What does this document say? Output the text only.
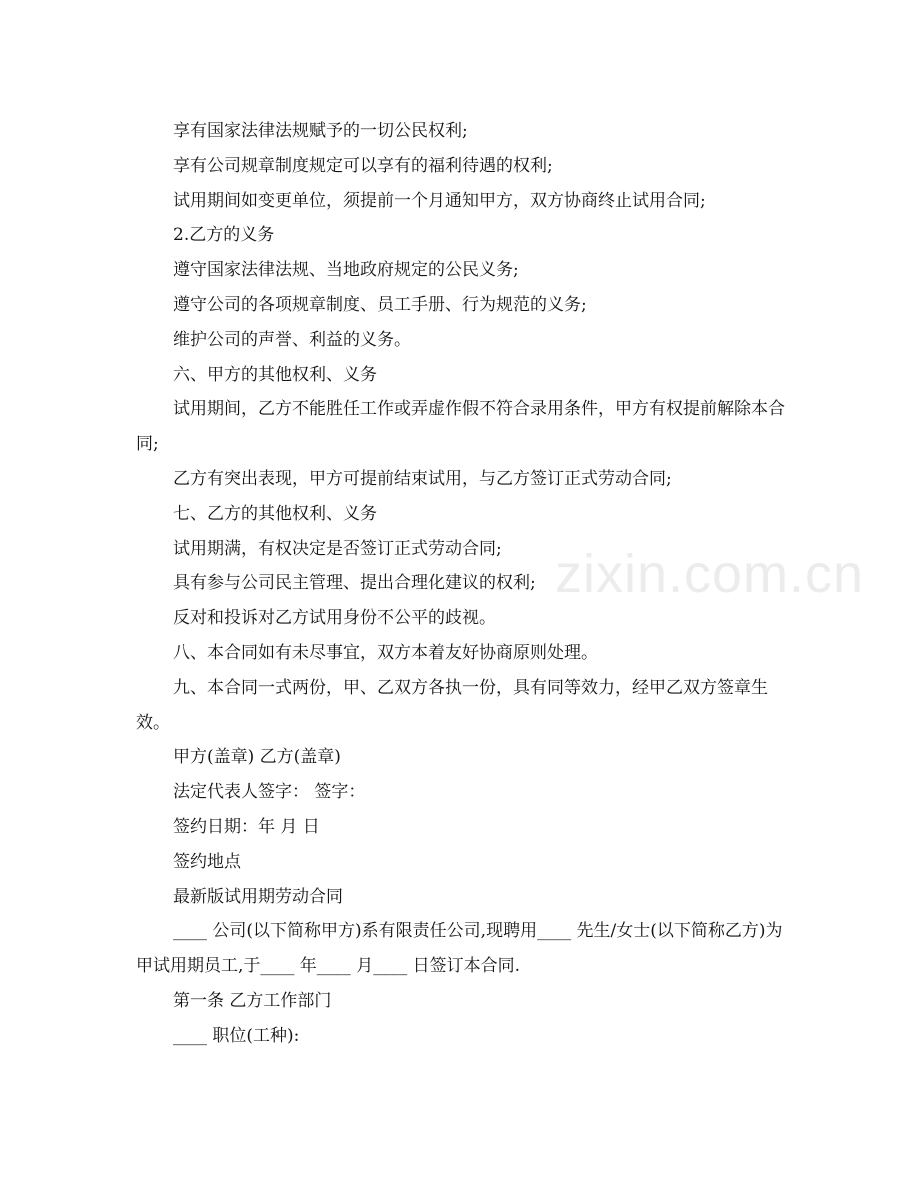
享有国家法律法规赋予的一切公民权利;

享有公司规章制度规定可以享有的福利待遇的权利;

试用期间如变更单位，须提前一个月通知甲方，双方协商终止试用合同;

2.乙方的义务

遵守国家法律法规、当地政府规定的公民义务;

遵守公司的各项规章制度、员工手册、行为规范的义务;

维护公司的声誉、利益的义务。

六、甲方的其他权利、义务

试用期间，乙方不能胜任工作或弄虚作假不符合录用条件，甲方有权提前解除本合同;

乙方有突出表现，甲方可提前结束试用，与乙方签订正式劳动合同;

七、乙方的其他权利、义务

试用期满，有权决定是否签订正式劳动合同;

具有参与公司民主管理、提出合理化建议的权利;

反对和投诉对乙方试用身份不公平的歧视。

八、本合同如有未尽事宜，双方本着友好协商原则处理。

九、本合同一式两份，甲、乙双方各执一份，具有同等效力，经甲乙双方签章生效。

甲方(盖章) 乙方(盖章)

法定代表人签字： 签字：

签约日期：年 月 日

签约地点

最新版试用期劳动合同

____ 公司(以下简称甲方)系有限责任公司,现聘用____ 先生/女士(以下简称乙方)为甲试用期员工,于____ 年____ 月____ 日签订本合同.

第一条 乙方工作部门

____ 职位(工种):

zixin.com.cn
